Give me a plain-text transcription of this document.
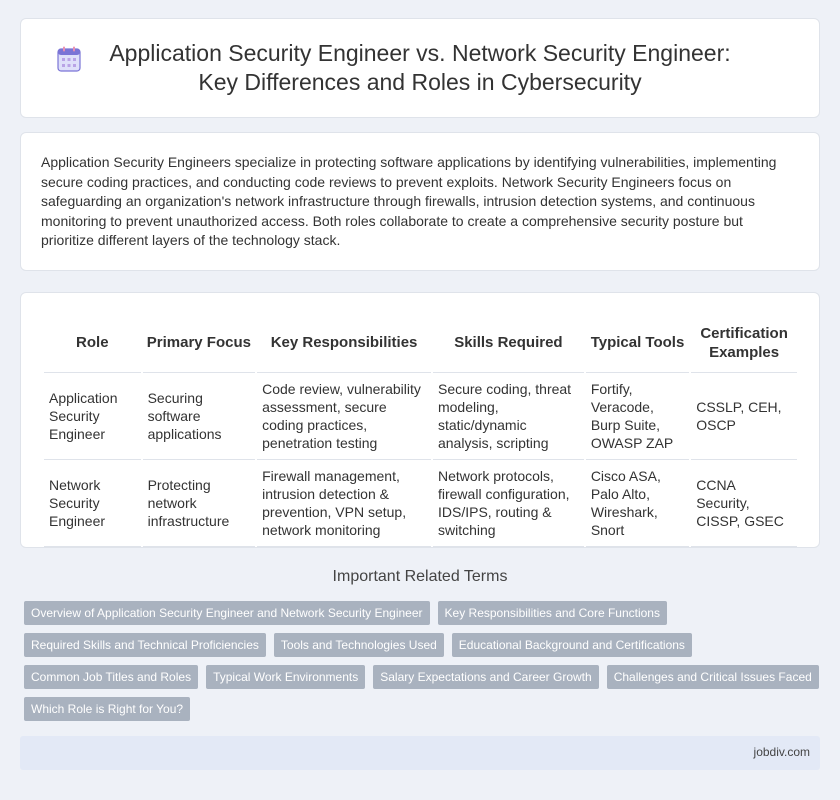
Application Security Engineer vs. Network Security Engineer: Key Differences and Roles in Cybersecurity

Application Security Engineers specialize in protecting software applications by identifying vulnerabilities, implementing secure coding practices, and conducting code reviews to prevent exploits. Network Security Engineers focus on safeguarding an organization's network infrastructure through firewalls, intrusion detection systems, and continuous monitoring to prevent unauthorized access. Both roles collaborate to create a comprehensive security posture but prioritize different layers of the technology stack.

Role	Primary Focus	Key Responsibilities	Skills Required	Typical Tools	Certification Examples
Application Security Engineer	Securing software applications	Code review, vulnerability assessment, secure coding practices, penetration testing	Secure coding, threat modeling, static/dynamic analysis, scripting	Fortify, Veracode, Burp Suite, OWASP ZAP	CSSLP, CEH, OSCP
Network Security Engineer	Protecting network infrastructure	Firewall management, intrusion detection & prevention, VPN setup, network monitoring	Network protocols, firewall configuration, IDS/IPS, routing & switching	Cisco ASA, Palo Alto, Wireshark, Snort	CCNA Security, CISSP, GSEC
Important Related Terms
Overview of Application Security Engineer and Network Security Engineer	Key Responsibilities and Core Functions
Required Skills and Technical Proficiencies	Tools and Technologies Used	Educational Background and Certifications
Common Job Titles and Roles	Typical Work Environments	Salary Expectations and Career Growth	Challenges and Critical Issues Faced
Which Role is Right for You?
jobdiv.com
